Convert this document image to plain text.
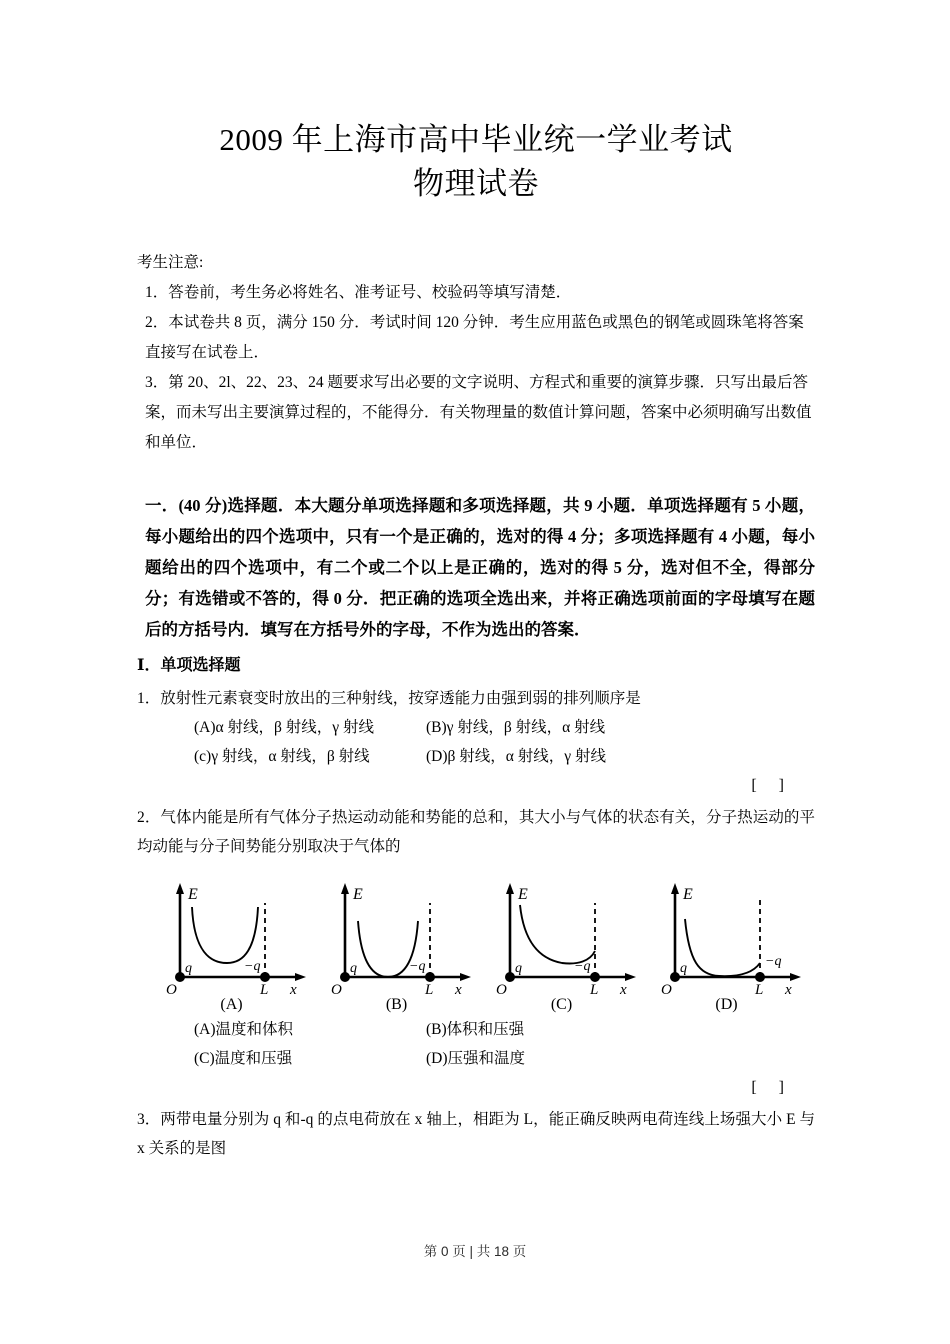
2009 年上海市高中毕业统一学业考试
物理试卷

考生注意:

1．答卷前，考生务必将姓名、准考证号、校验码等填写清楚．

2．本试卷共 8 页，满分 150 分．考试时间 120 分钟．考生应用蓝色或黑色的钢笔或圆珠笔将答案直接写在试卷上．

3．第 20、2l、22、23、24 题要求写出必要的文字说明、方程式和重要的演算步骤．只写出最后答案，而未写出主要演算过程的，不能得分．有关物理量的数值计算问题，答案中必须明确写出数值和单位．

一．(40 分)选择题．本大题分单项选择题和多项选择题，共 9 小题．单项选择题有 5 小题，每小题给出的四个选项中，只有一个是正确的，选对的得 4 分；多项选择题有 4 小题，每小题给出的四个选项中，有二个或二个以上是正确的，选对的得 5 分，选对但不全，得部分分；有选错或不答的，得 0 分．把正确的选项全选出来，并将正确选项前面的字母填写在题后的方括号内．填写在方括号外的字母，不作为选出的答案．
Ⅰ．单项选择题

1．放射性元素衰变时放出的三种射线，按穿透能力由强到弱的排列顺序是

(A)α 射线，β 射线，γ 射线	(B)γ 射线，β 射线，α 射线
(c)γ 射线，α 射线，β 射线	(D)β 射线，α 射线，γ 射线
[ ]

2．气体内能是所有气体分子热运动动能和势能的总和，其大小与气体的状态有关，分子热运动的平均动能与分子间势能分别取决于气体的

E
x
O
q	−q
L
(A)
E
x
O
q	−q
L
(B)
E
x
O
q	−q
L
(C)
E
x
O
q	−q
L
(D)
(A)温度和体积	(B)体积和压强
(C)温度和压强	(D)压强和温度
[ ]

3．两带电量分别为 q 和-q 的点电荷放在 x 轴上，相距为 L，能正确反映两电荷连线上场强大小 E 与 x 关系的是图

第 0 页 | 共 18 页
